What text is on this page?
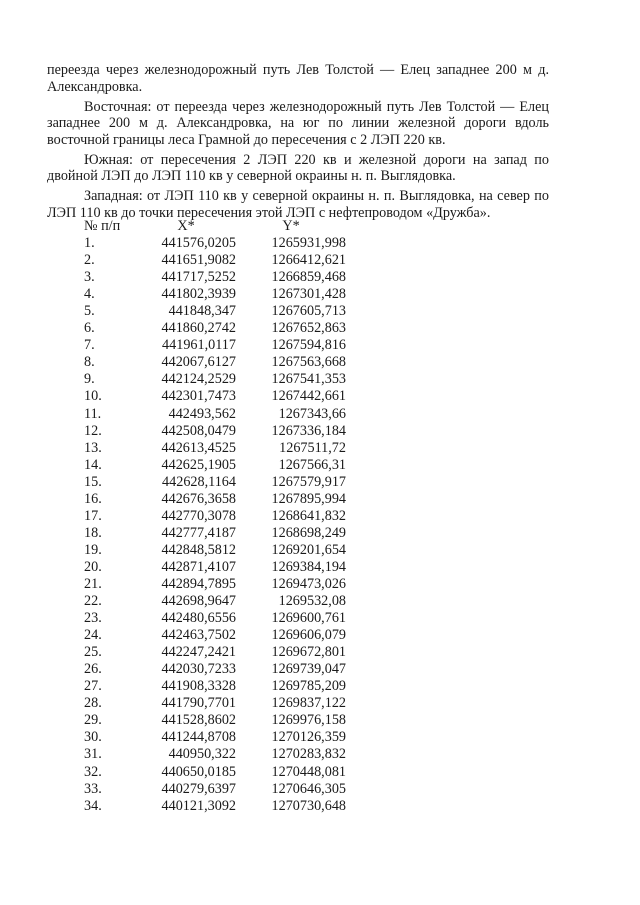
переезда через железнодорожный путь Лев Толстой — Елец западнее 200 м д. Александровка.

Восточная: от переезда через железнодорожный путь Лев Толстой — Елец западнее 200 м д. Александровка, на юг по линии железной дороги вдоль восточной границы леса Грамной до пересечения с 2 ЛЭП 220 кв.

Южная: от пересечения 2 ЛЭП 220 кв и железной дороги на запад по двойной ЛЭП до ЛЭП 110 кв у северной окраины н. п. Выглядовка.

Западная: от ЛЭП 110 кв у северной окраины н. п. Выглядовка, на север по ЛЭП 110 кв до точки пересечения этой ЛЭП с нефтепроводом «Дружба».

№ п/п	X*	Y*
1.	441576,0205	1265931,998
2.	441651,9082	1266412,621
3.	441717,5252	1266859,468
4.	441802,3939	1267301,428
5.	441848,347	1267605,713
6.	441860,2742	1267652,863
7.	441961,0117	1267594,816
8.	442067,6127	1267563,668
9.	442124,2529	1267541,353
10.	442301,7473	1267442,661
11.	442493,562	1267343,66
12.	442508,0479	1267336,184
13.	442613,4525	1267511,72
14.	442625,1905	1267566,31
15.	442628,1164	1267579,917
16.	442676,3658	1267895,994
17.	442770,3078	1268641,832
18.	442777,4187	1268698,249
19.	442848,5812	1269201,654
20.	442871,4107	1269384,194
21.	442894,7895	1269473,026
22.	442698,9647	1269532,08
23.	442480,6556	1269600,761
24.	442463,7502	1269606,079
25.	442247,2421	1269672,801
26.	442030,7233	1269739,047
27.	441908,3328	1269785,209
28.	441790,7701	1269837,122
29.	441528,8602	1269976,158
30.	441244,8708	1270126,359
31.	440950,322	1270283,832
32.	440650,0185	1270448,081
33.	440279,6397	1270646,305
34.	440121,3092	1270730,648
